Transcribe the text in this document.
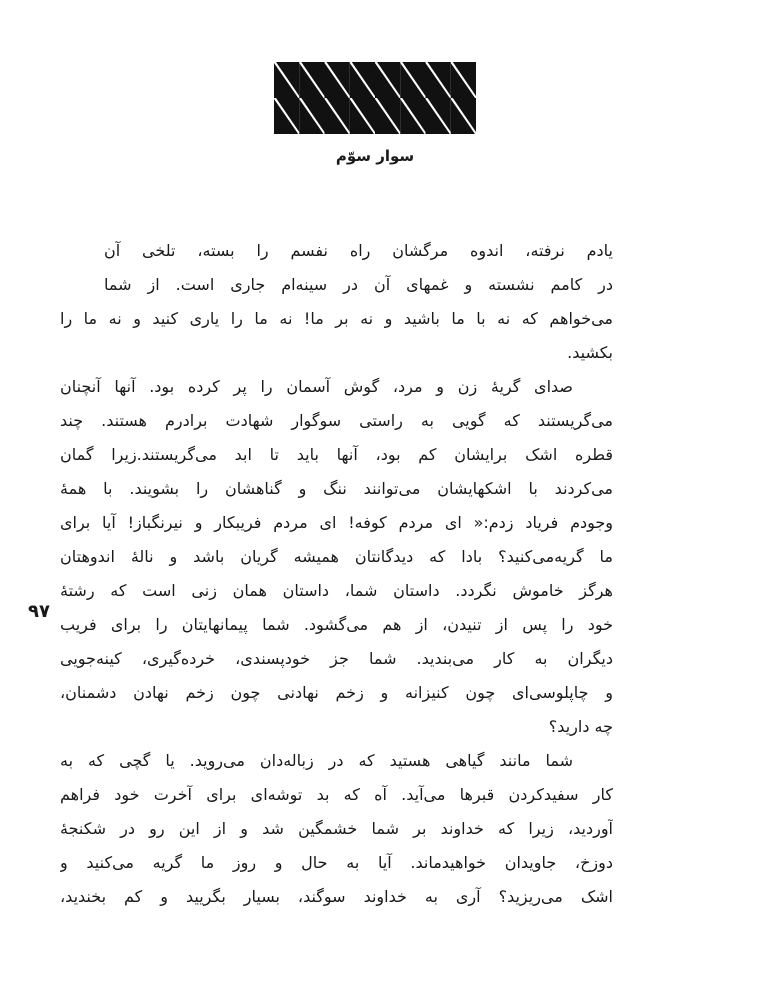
سوار سوّم
۹۷
یادم نرفته، اندوه مرگشان راه نفسم را بسته، تلخی آن
در کامم نشسته و غمهای آن در سینه‌ام جاری است. از شما
می‌خواهم که نه با ما باشید و نه بر ما! نه ما را یاری کنید و نه ما را
بکشید.
صدای گریهٔ زن و مرد، گوش آسمان را پر کرده بود. آنها آنچنان
می‌گریستند که گویی به راستی سوگوار شهادت برادرم هستند. چند
قطره اشک برایشان کم بود، آنها باید تا ابد می‌گریستند.زیرا گمان
می‌کردند با اشکهایشان می‌توانند ننگ و گناهشان را بشویند. با همهٔ
وجودم فریاد زدم:« ای مردم کوفه! ای مردم فریبکار و نیرنگباز! آیا برای
ما گریه‌می‌کنید؟ بادا که دیدگانتان همیشه گریان باشد و نالهٔ اندوهتان
هرگز خاموش نگردد. داستان شما، داستان همان زنی است که رشتهٔ
خود را پس از تنیدن، از هم می‌گشود. شما پیمانهایتان را برای فریب
دیگران به کار می‌بندید. شما جز خودپسندی، خرده‌گیری، کینه‌جویی
و چاپلوسی‌ای چون کنیزانه و زخم نهادنی چون زخم نهادن دشمنان،
چه دارید؟
شما مانند گیاهی هستید که در زباله‌دان می‌روید. یا گچی که به
کار سفیدکردن قبرها می‌آید. آه که بد توشه‌ای برای آخرت خود فراهم
آوردید، زیرا که خداوند بر شما خشمگین شد و از این رو در شکنجهٔ
دوزخ، جاویدان خواهیدماند. آیا به حال و روز ما گریه می‌کنید و
اشک می‌ریزید؟ آری به خداوند سوگند، بسیار بگریید و کم بخندید،
